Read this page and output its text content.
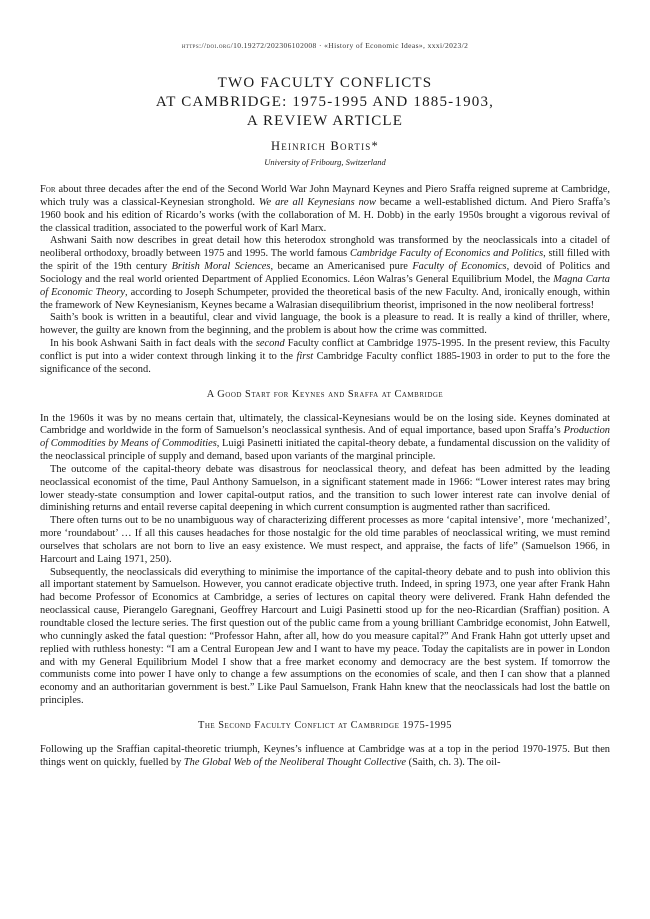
https://doi.org/10.19272/202306102008 · «History of Economic Ideas», xxxi/2023/2
TWO FACULTY CONFLICTS
AT CAMBRIDGE: 1975-1995 AND 1885-1903,
A REVIEW ARTICLE
Heinrich Bortis*
University of Fribourg, Switzerland

For about three decades after the end of the Second World War John Maynard Keynes and Piero Sraffa reigned supreme at Cambridge, which truly was a classical-Keynesian stronghold. We are all Keynesians now became a well-established dictum. And Piero Sraffa’s 1960 book and his edition of Ricardo’s works (with the collaboration of M. H. Dobb) in the early 1950s brought a vigorous revival of the classical tradition, associated to the powerful work of Karl Marx.

Ashwani Saith now describes in great detail how this heterodox stronghold was transformed by the neoclassicals into a citadel of neoliberal orthodoxy, broadly between 1975 and 1995. The world famous Cambridge Faculty of Economics and Politics, still filled with the spirit of the 19th century British Moral Sciences, became an Americanised pure Faculty of Economics, devoid of Politics and Sociology and the real world oriented Department of Applied Economics. Léon Walras’s General Equilibrium Model, the Magna Carta of Economic Theory, according to Joseph Schumpeter, provided the theoretical basis of the new Faculty. And, ironically enough, within the framework of New Keynesianism, Keynes became a Walrasian disequilibrium theorist, imprisoned in the now neoliberal fortress!

Saith’s book is written in a beautiful, clear and vivid language, the book is a pleasure to read. It is really a kind of thriller, where, however, the guilty are known from the beginning, and the problem is about how the crime was committed.

In his book Ashwani Saith in fact deals with the second Faculty conflict at Cambridge 1975-1995. In the present review, this Faculty conflict is put into a wider context through linking it to the first Cambridge Faculty conflict 1885-1903 in order to put to the fore the significance of the second.

A Good Start for Keynes and Sraffa at Cambridge

In the 1960s it was by no means certain that, ultimately, the classical-Keynesians would be on the losing side. Keynes dominated at Cambridge and worldwide in the form of Samuelson’s neoclassical synthesis. And of equal importance, based upon Sraffa’s Production of Commodities by Means of Commodities, Luigi Pasinetti initiated the capital-theory debate, a fundamental discussion on the validity of the neoclassical principle of supply and demand, based upon variants of the marginal principle.

The outcome of the capital-theory debate was disastrous for neoclassical theory, and defeat has been admitted by the leading neoclassical economist of the time, Paul Anthony Samuelson, in a significant statement made in 1966: “Lower interest rates may bring lower steady-state consumption and lower capital-output ratios, and the transition to such lower interest rate can involve denial of diminishing returns and entail reverse capital deepening in which current consumption is augmented rather than sacrificed.

There often turns out to be no unambiguous way of characterizing different processes as more ‘capital intensive’, more ‘mechanized’, more ‘roundabout’ … If all this causes headaches for those nostalgic for the old time parables of neoclassical writing, we must remind ourselves that scholars are not born to live an easy existence. We must respect, and appraise, the facts of life” (Samuelson 1966, in Harcourt and Laing 1971, 250).

Subsequently, the neoclassicals did everything to minimise the importance of the capital-theory debate and to push into oblivion this all important statement by Samuelson. However, you cannot eradicate objective truth. Indeed, in spring 1973, one year after Frank Hahn had become Professor of Economics at Cambridge, a series of lectures on capital theory were delivered. Frank Hahn defended the neoclassical cause, Pierangelo Garegnani, Geoffrey Harcourt and Luigi Pasinetti stood up for the neo-Ricardian (Sraffian) position. A roundtable closed the lecture series. The first question out of the public came from a young brilliant Cambridge economist, John Eatwell, who cunningly asked the fatal question: “Professor Hahn, after all, how do you measure capital?” And Frank Hahn got utterly upset and replied with ruthless honesty: “I am a Central European Jew and I want to have my peace. Today the capitalists are in power in London and with my General Equilibrium Model I show that a free market economy and democracy are the best system. If tomorrow the communists come into power I have only to change a few assumptions on the economies of scale, and then I can show that a planned economy and an authoritarian government is best.” Like Paul Samuelson, Frank Hahn knew that the neoclassicals had lost the battle on principles.

The Second Faculty Conflict at Cambridge 1975-1995

Following up the Sraffian capital-theoretic triumph, Keynes’s influence at Cambridge was at a top in the period 1970-1975. But then things went on quickly, fuelled by The Global Web of the Neoliberal Thought Collective (Saith, ch. 3). The oil-
